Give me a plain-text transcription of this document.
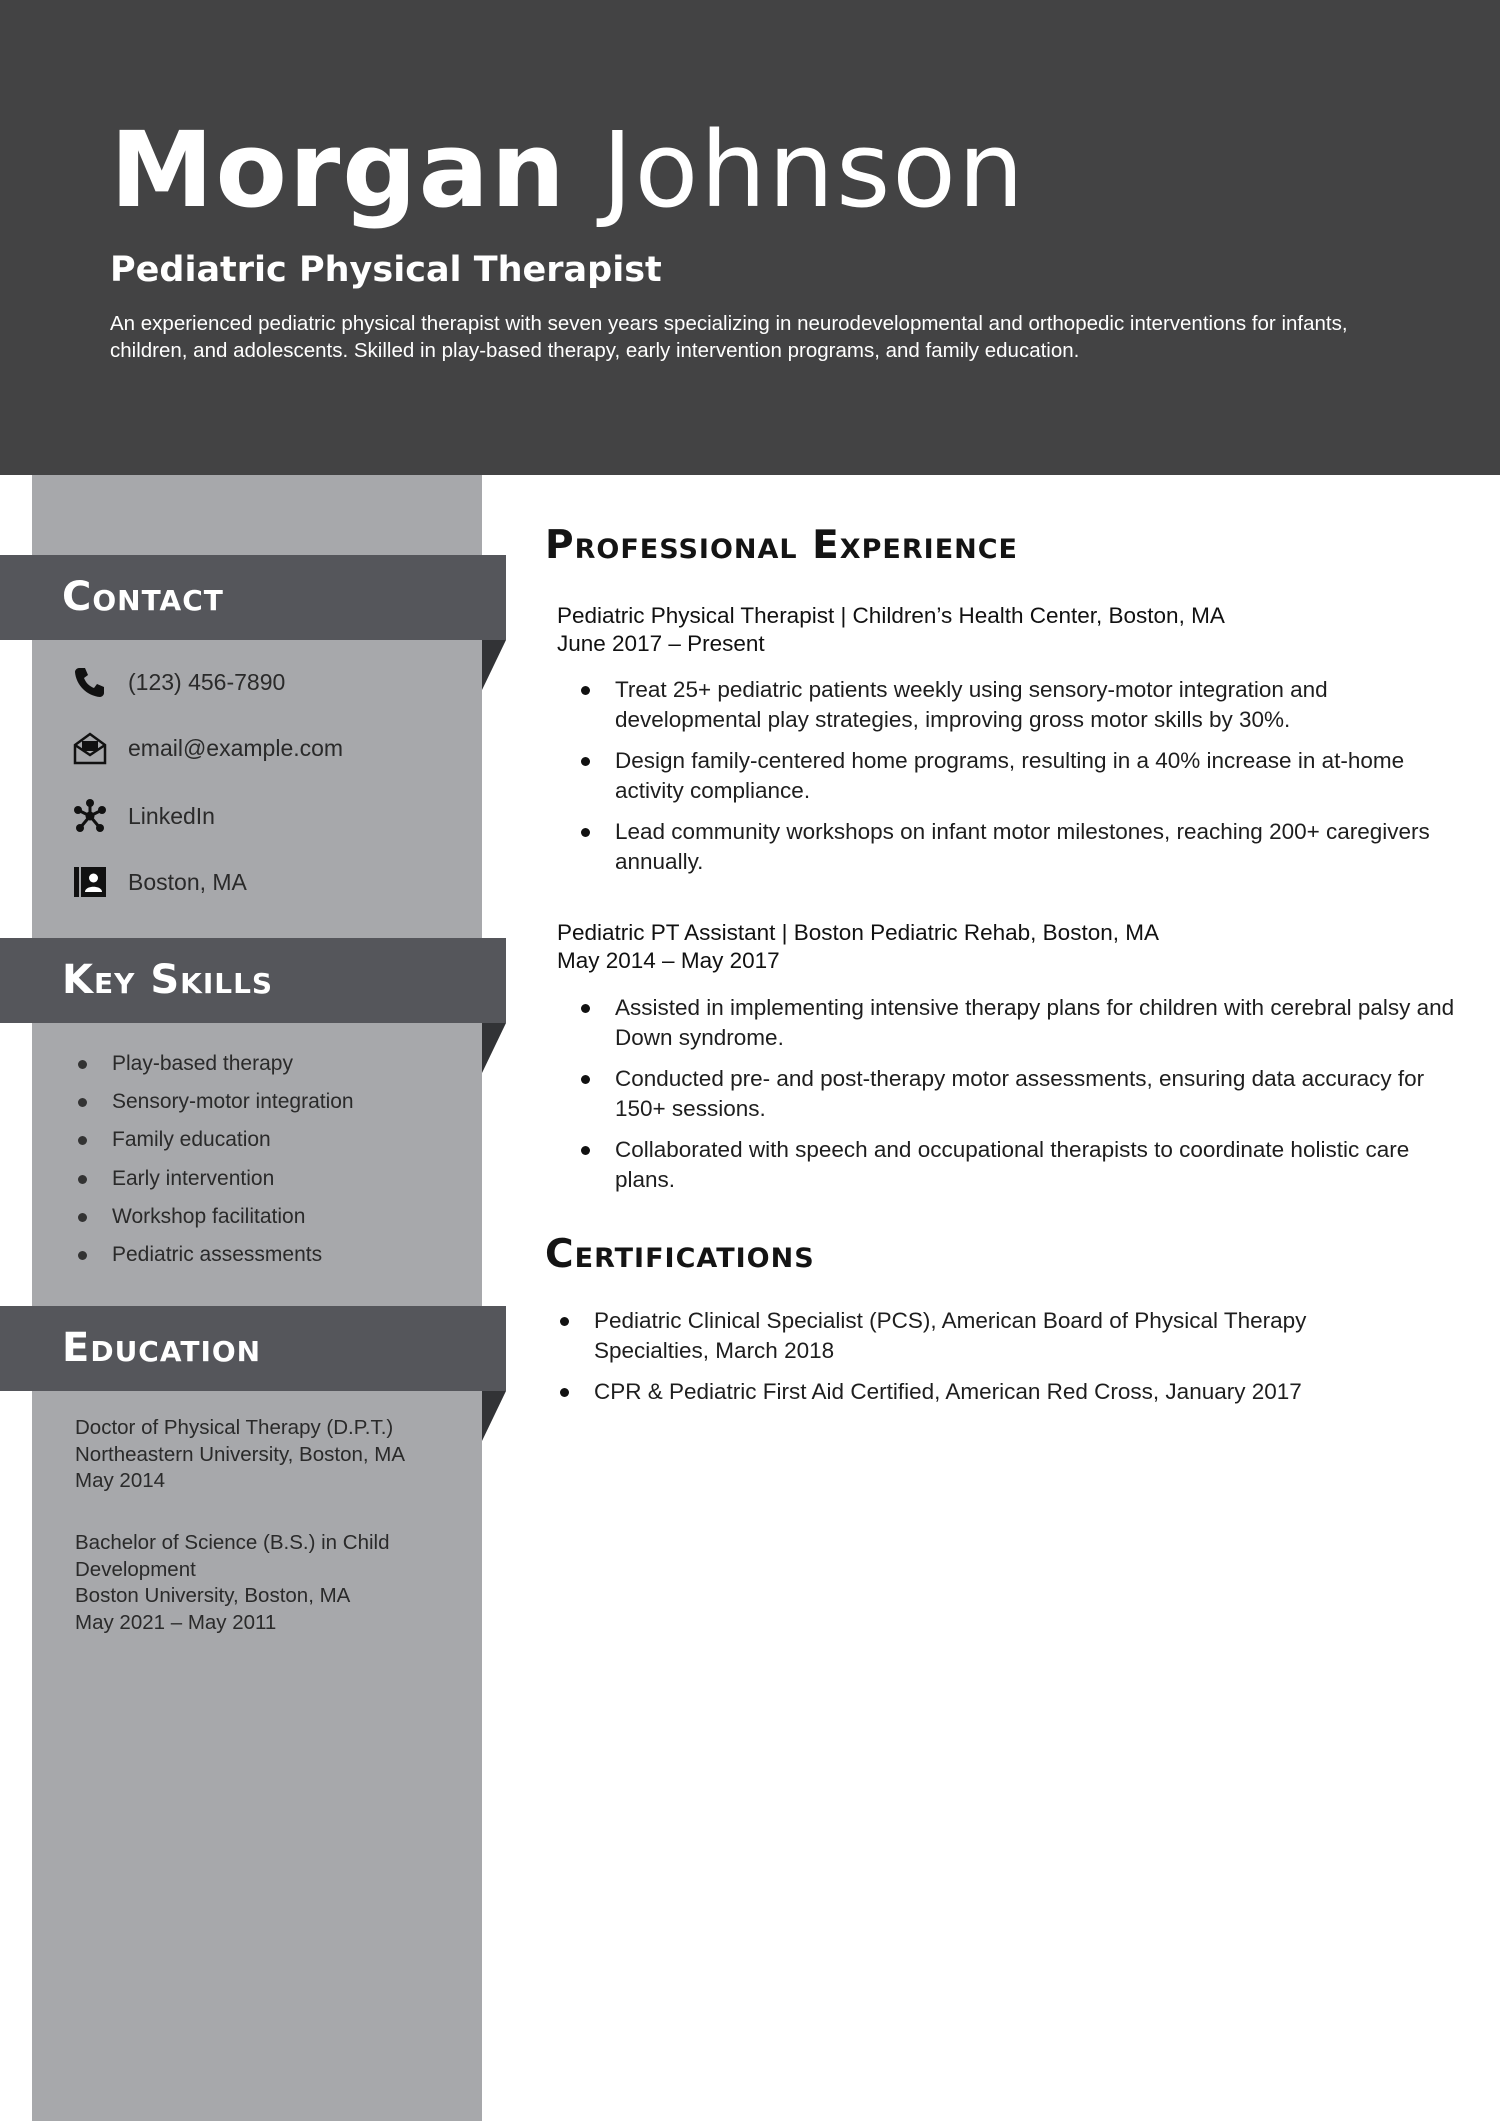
Morgan Johnson
Pediatric Physical Therapist
An experienced pediatric physical therapist with seven years specializing in neurodevelopmental and orthopedic interventions for infants, children, and adolescents. Skilled in play-based therapy, early intervention programs, and family education.
Contact
(123) 456-7890
email@example.com
LinkedIn
Boston, MA
Key Skills
Play-based therapy
Sensory-motor integration
Family education
Early intervention
Workshop facilitation
Pediatric assessments
Education
Doctor of Physical Therapy (D.P.T.)
Northeastern University, Boston, MA
May 2014
Bachelor of Science (B.S.) in Child
Development
Boston University, Boston, MA
May 2021 – May 2011
Professional Experience
Pediatric Physical Therapist | Children’s Health Center, Boston, MA
June 2017 – Present
Treat 25+ pediatric patients weekly using sensory-motor integration and developmental play strategies, improving gross motor skills by 30%.
Design family-centered home programs, resulting in a 40% increase in at-home activity compliance.
Lead community workshops on infant motor milestones, reaching 200+ caregivers annually.
Pediatric PT Assistant | Boston Pediatric Rehab, Boston, MA
May 2014 – May 2017
Assisted in implementing intensive therapy plans for children with cerebral palsy and Down syndrome.
Conducted pre- and post-therapy motor assessments, ensuring data accuracy for 150+ sessions.
Collaborated with speech and occupational therapists to coordinate holistic care plans.
Certifications
Pediatric Clinical Specialist (PCS), American Board of Physical Therapy Specialties, March 2018
CPR & Pediatric First Aid Certified, American Red Cross, January 2017
